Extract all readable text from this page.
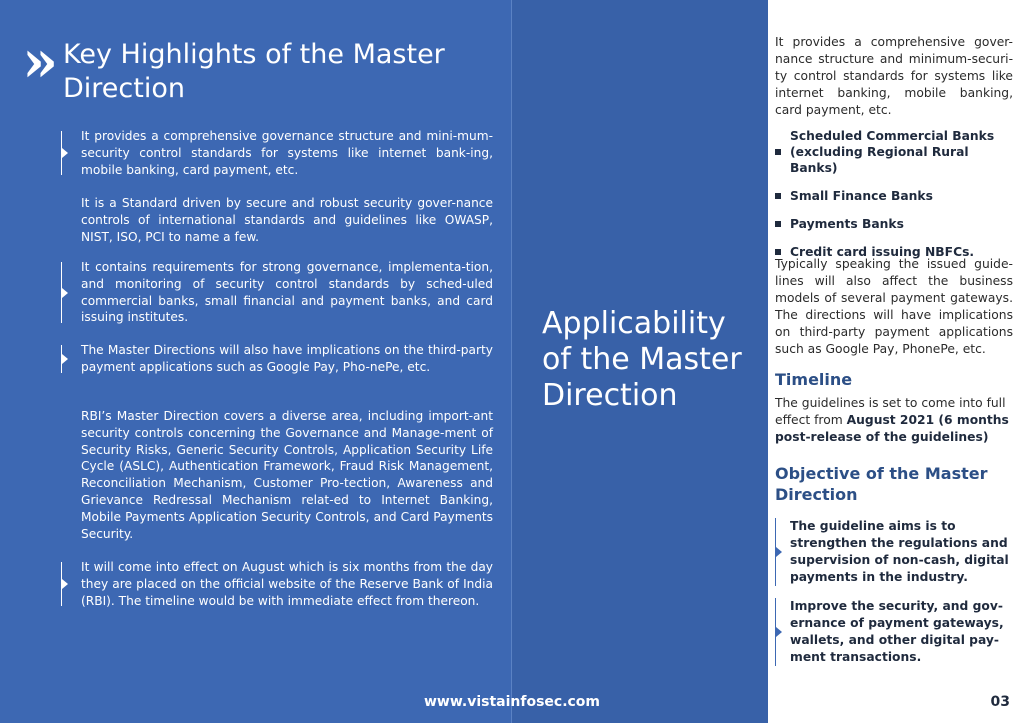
» Key Highlights of the Master Direction
It provides a comprehensive governance structure and mini-mum-security control standards for systems like internet bank-ing, mobile banking, card payment, etc.
It is a Standard driven by secure and robust security gover-nance controls of international standards and guidelines like OWASP, NIST, ISO, PCI to name a few.
It contains requirements for strong governance, implementa-tion, and monitoring of security control standards by sched-uled commercial banks, small financial and payment banks, and card issuing institutes.
The Master Directions will also have implications on the third-party payment applications such as Google Pay, Pho-nePe, etc.
RBI’s Master Direction covers a diverse area, including import-ant security controls concerning the Governance and Manage-ment of Security Risks, Generic Security Controls, Application Security Life Cycle (ASLC), Authentication Framework, Fraud Risk Management, Reconciliation Mechanism, Customer Pro-tection, Awareness and Grievance Redressal Mechanism relat-ed to Internet Banking, Mobile Payments Application Security Controls, and Card Payments Security.
It will come into effect on August which is six months from the day they are placed on the official website of the Reserve Bank of India (RBI). The timeline would be with immediate effect from thereon.
Applicability of the Master Direction
www.vistainfosec.com

It provides a comprehensive gover-nance structure and minimum-securi-ty control standards for systems like internet banking, mobile banking, card payment, etc.

Scheduled Commercial Banks (excluding Regional Rural Banks)
Small Finance Banks
Payments Banks
Credit card issuing NBFCs.

Typically speaking the issued guide-lines will also affect the business models of several payment gateways. The directions will have implications on third-party payment applications such as Google Pay, PhonePe, etc.

Timeline

The guidelines is set to come into full effect from August 2021 (6 months post-release of the guidelines)

Objective of the Master Direction
The guideline aims is to strengthen the regulations and supervision of non-cash, digital payments in the industry.
Improve the security, and gov-ernance of payment gateways, wallets, and other digital pay-ment transactions.
03
